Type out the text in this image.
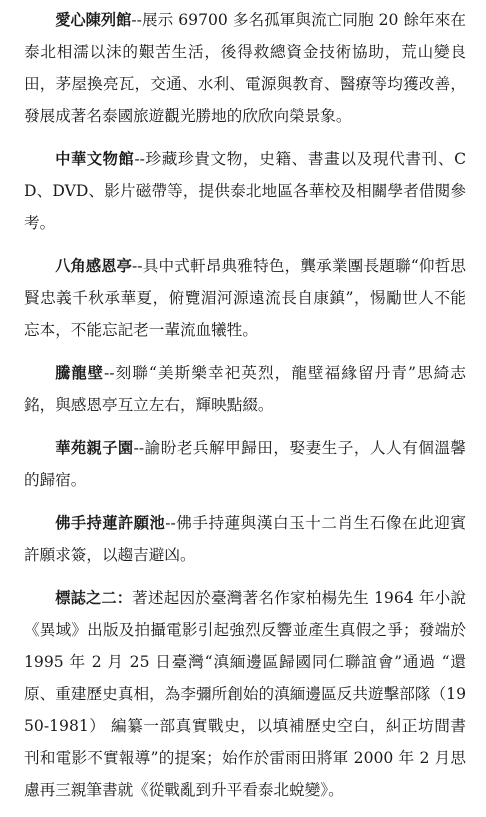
愛心陳列館--展示 69700 多名孤軍與流亡同胞 20 餘年來在泰北相濡以沫的艱苦生活，後得救總資金技術協助，荒山變良田，茅屋換亮瓦，交通、水利、電源與教育、醫療等均獲改善，發展成著名泰國旅遊觀光勝地的欣欣向榮景象。

中華文物館--珍藏珍貴文物，史籍、書畫以及現代書刊、CD、DVD、影片磁帶等，提供泰北地區各華校及相關學者借閱參考。

八角感恩亭--具中式軒昂典雅特色，龔承業團長題聯“仰哲思賢忠義千秋承華夏，俯覽湄河源遠流長自康鎮”，惕勵世人不能忘本，不能忘記老一輩流血犧牲。

騰龍壁--刻聯“美斯樂幸祀英烈，龍壁福緣留丹青”思綺志銘，與感恩亭互立左右，輝映點綴。

華苑親子園--諭盼老兵解甲歸田，娶妻生子，人人有個溫馨的歸宿。

佛手持蓮許願池--佛手持蓮與漢白玉十二肖生石像在此迎賓許願求簽，以趨吉避凶。

標誌之二：著述起因於臺灣著名作家柏楊先生 1964 年小說《異域》出版及拍攝電影引起強烈反響並產生真假之爭；發端於 1995 年 2 月 25 日臺灣“滇緬邊區歸國同仁聯誼會”通過 “還原、重建歷史真相，為李彌所創始的滇緬邊區反共遊擊部隊（1950-1981） 編纂一部真實戰史，以填補歷史空白，糾正坊間書刊和電影不實報導”的提案；始作於雷雨田將軍 2000 年 2 月思慮再三親筆書就《從戰亂到升平看泰北蛻變》。
